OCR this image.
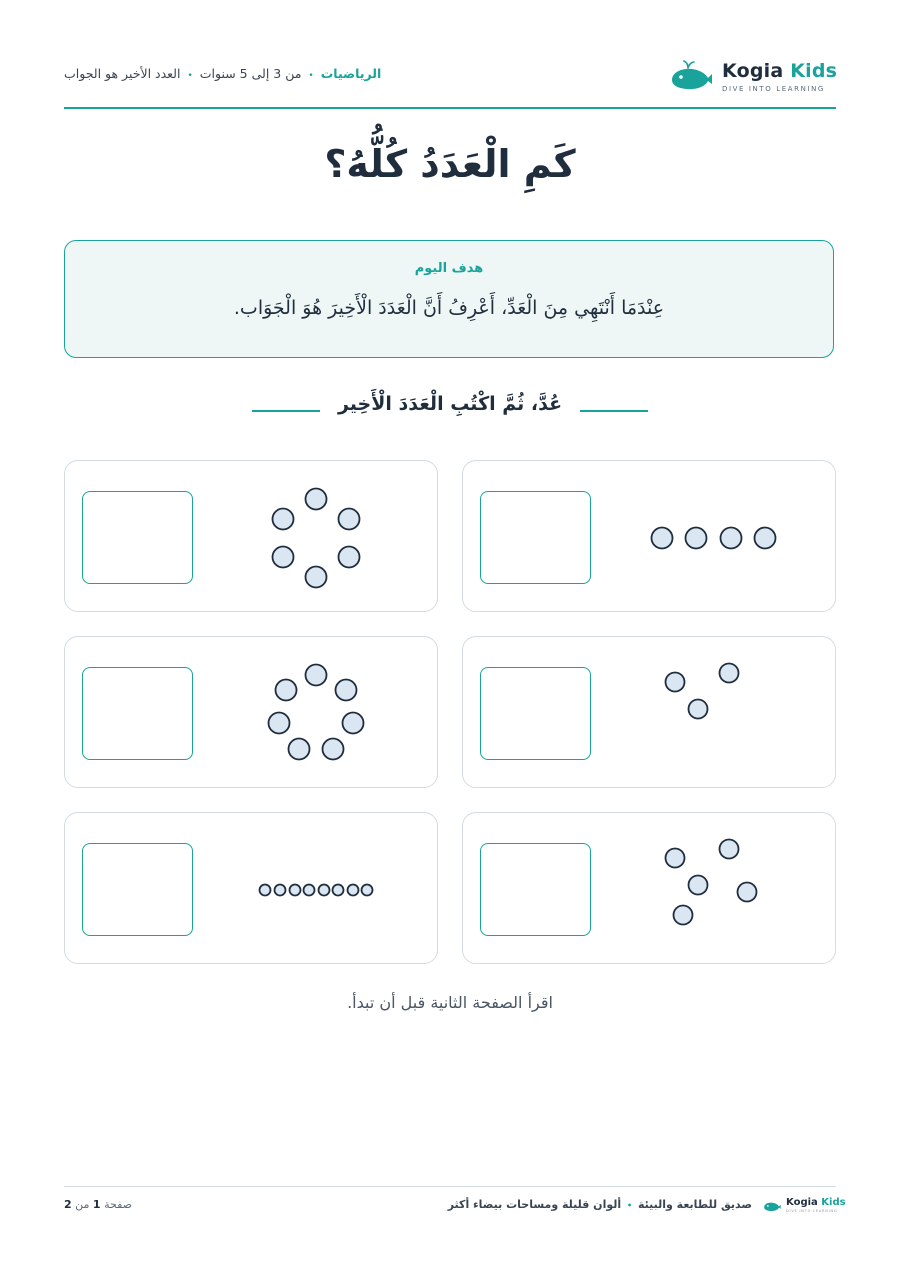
الرياضيات • من 3 إلى 5 سنوات • العدد الأخير هو الجواب	Kogia Kids
DIVE INTO LEARNING
كَمِ الْعَدَدُ كُلُّهُ؟
هدف اليوم
عِنْدَمَا أَنْتَهِي مِنَ الْعَدِّ، أَعْرِفُ أَنَّ الْعَدَدَ الْأَخِيرَ هُوَ الْجَوَاب.
عُدَّ، ثُمَّ اكْتُبِ الْعَدَدَ الْأَخِير
اقرأ الصفحة الثانية قبل أن تبدأ.
صفحة 1 من 2	صديق للطابعة والبيئة • ألوان قليلة ومساحات بيضاء أكثر	Kogia Kids
DIVE INTO LEARNING
